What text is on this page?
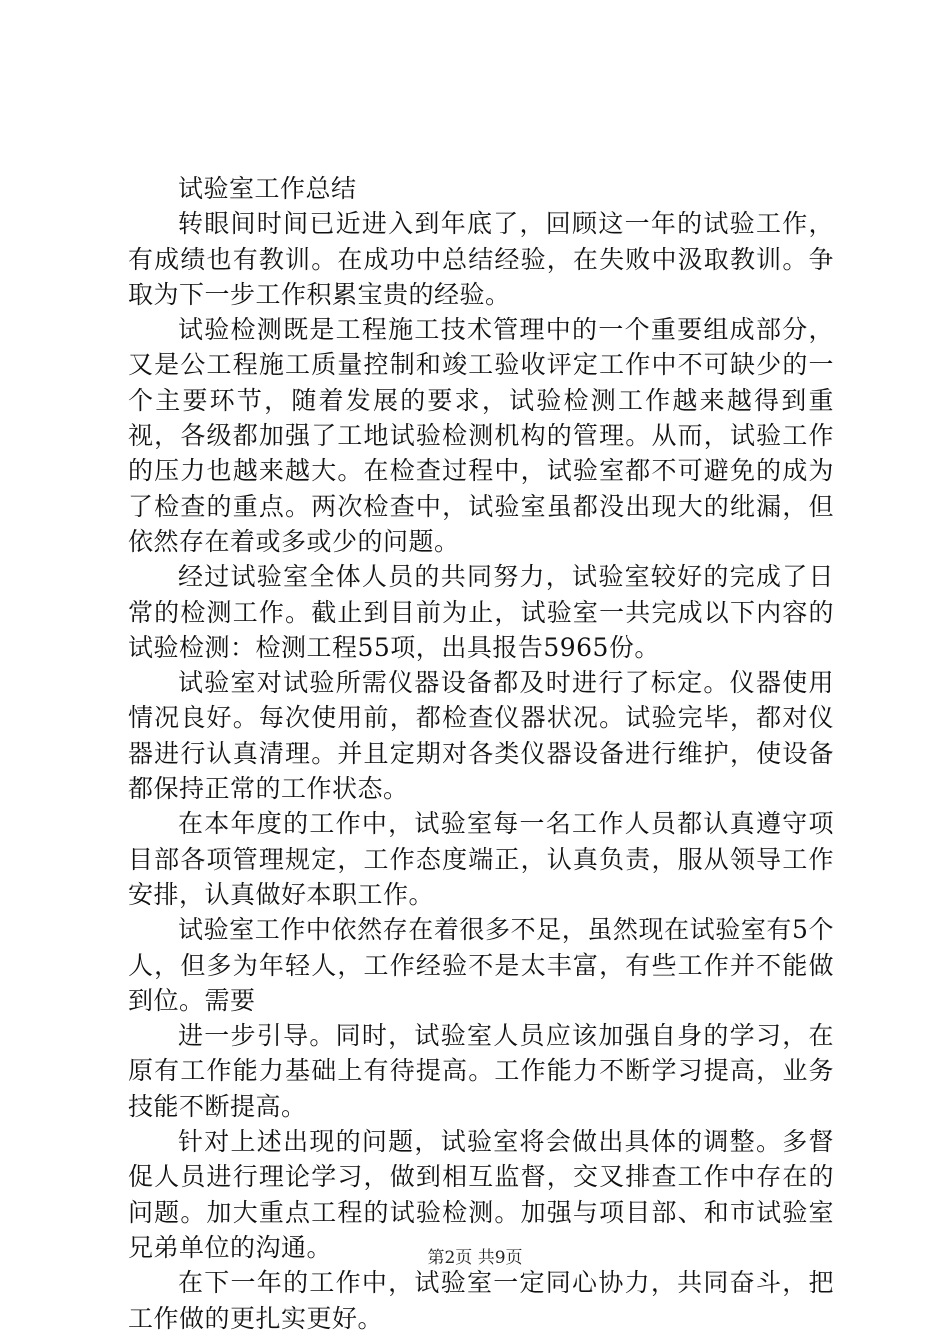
试验室工作总结

转眼间时间已近进入到年底了，回顾这一年的试验工作，有成绩也有教训。在成功中总结经验，在失败中汲取教训。争取为下一步工作积累宝贵的经验。

试验检测既是工程施工技术管理中的一个重要组成部分，又是公工程施工质量控制和竣工验收评定工作中不可缺少的一个主要环节，随着发展的要求，试验检测工作越来越得到重视，各级都加强了工地试验检测机构的管理。从而，试验工作的压力也越来越大。在检查过程中，试验室都不可避免的成为了检查的重点。两次检查中，试验室虽都没出现大的纰漏，但依然存在着或多或少的问题。

经过试验室全体人员的共同努力，试验室较好的完成了日常的检测工作。截止到目前为止，试验室一共完成以下内容的试验检测：检测工程55项，出具报告5965份。

试验室对试验所需仪器设备都及时进行了标定。仪器使用情况良好。每次使用前，都检查仪器状况。试验完毕，都对仪器进行认真清理。并且定期对各类仪器设备进行维护，使设备都保持正常的工作状态。

在本年度的工作中，试验室每一名工作人员都认真遵守项目部各项管理规定，工作态度端正，认真负责，服从领导工作安排，认真做好本职工作。

试验室工作中依然存在着很多不足，虽然现在试验室有5个人，但多为年轻人，工作经验不是太丰富，有些工作并不能做到位。需要

进一步引导。同时，试验室人员应该加强自身的学习，在原有工作能力基础上有待提高。工作能力不断学习提高，业务技能不断提高。

针对上述出现的问题，试验室将会做出具体的调整。多督促人员进行理论学习，做到相互监督，交叉排查工作中存在的问题。加大重点工程的试验检测。加强与项目部、和市试验室兄弟单位的沟通。

在下一年的工作中，试验室一定同心协力，共同奋斗，把工作做的更扎实更好。

第2页 共9页
